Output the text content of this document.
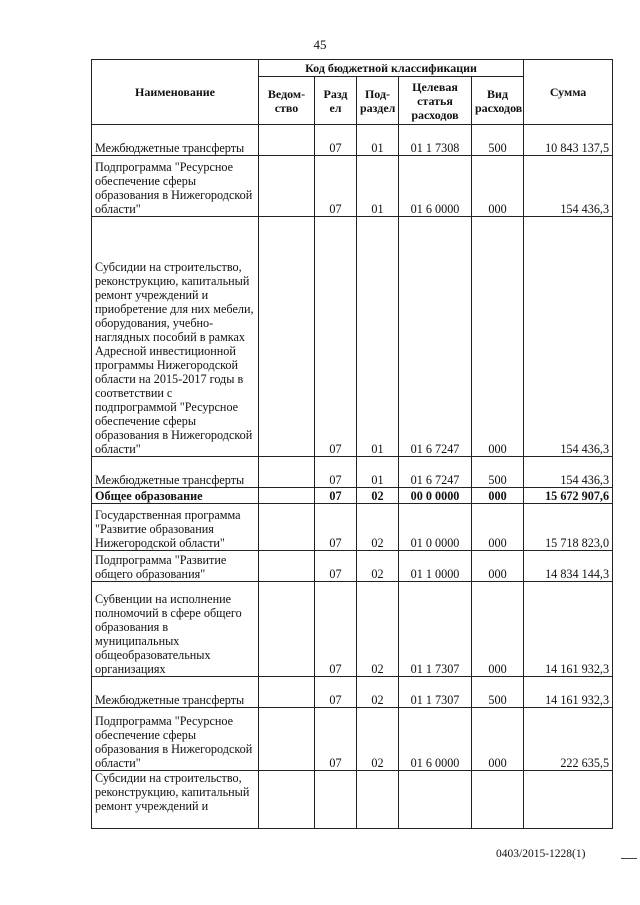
45
Наименование	Код бюджетной классификации					Сумма
	Ведом-ство	Разд ел	Под-раздел	Целевая статья расходов	Вид расходов	
Межбюджетные трансферты		07	01	01 1 7308	500	10 843 137,5
Подпрограмма "Ресурсное обеспечение сферы образования в Нижегородской области"		07	01	01 6 0000	000	154 436,3
Субсидии на строительство, реконструкцию, капитальный ремонт учреждений и приобретение для них мебели, оборудования, учебно-наглядных пособий в рамках Адресной инвестиционной программы Нижегородской области на 2015-2017 годы в соответствии с подпрограммой "Ресурсное обеспечение сферы образования в Нижегородской области"		07	01	01 6 7247	000	154 436,3
Межбюджетные трансферты		07	01	01 6 7247	500	154 436,3
Общее образование		07	02	00 0 0000	000	15 672 907,6
Государственная программа "Развитие образования Нижегородской области"		07	02	01 0 0000	000	15 718 823,0
Подпрограмма "Развитие общего образования"		07	02	01 1 0000	000	14 834 144,3
Субвенции на исполнение полномочий в сфере общего образования в муниципальных общеобразовательных организациях		07	02	01 1 7307	000	14 161 932,3
Межбюджетные трансферты		07	02	01 1 7307	500	14 161 932,3
Подпрограмма "Ресурсное обеспечение сферы образования в Нижегородской области"		07	02	01 6 0000	000	222 635,5
Субсидии на строительство, реконструкцию, капитальный ремонт учреждений и						
0403/2015-1228(1)
